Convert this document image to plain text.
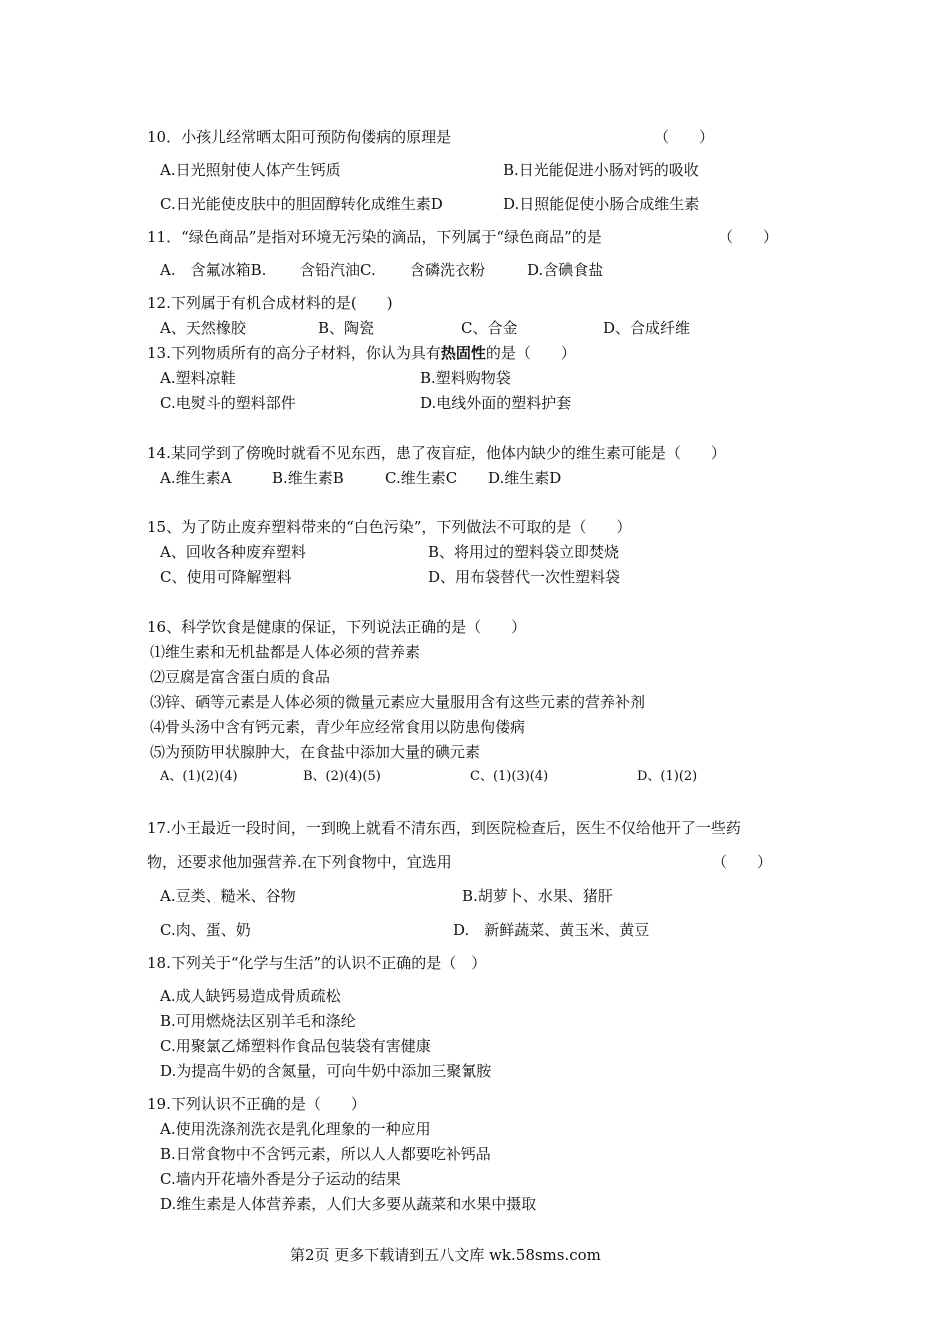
10．小孩儿经常晒太阳可预防佝偻病的原理是	（　　）
A.日光照射使人体产生钙质	B.日光能促进小肠对钙的吸收
C.日光能使皮肤中的胆固醇转化成维生素D	D.日照能促使小肠合成维生素
11．“绿色商品”是指对环境无污染的滴品，下列属于“绿色商品”的是	（　　）
A.　含氟冰箱B. 含铅汽油C. 含磷洗衣粉	D.含碘食盐
12.下列属于有机合成材料的是(　　)
A、天然橡胶	B、陶瓷	C、合金	D、合成纤维
13.下列物质所有的高分子材料，你认为具有热固性的是（　　）
A.塑料凉鞋	B.塑料购物袋
C.电熨斗的塑料部件	D.电线外面的塑料护套
14.某同学到了傍晚时就看不见东西，患了夜盲症，他体内缺少的维生素可能是（　　）
A.维生素A	B.维生素B	C.维生素C D.维生素D
15、为了防止废弃塑料带来的“白色污染”，下列做法不可取的是（　　）
A、回收各种废弃塑料	B、将用过的塑料袋立即焚烧
C、使用可降解塑料	D、用布袋替代一次性塑料袋
16、科学饮食是健康的保证，下列说法正确的是（　　）
⑴维生素和无机盐都是人体必须的营养素
⑵豆腐是富含蛋白质的食品
⑶锌、硒等元素是人体必须的微量元素应大量服用含有这些元素的营养补剂
⑷骨头汤中含有钙元素，青少年应经常食用以防患佝偻病
⑸为预防甲状腺肿大，在食盐中添加大量的碘元素
A、(1)(2)(4)	B、(2)(4)(5)	C、(1)(3)(4)	D、(1)(2)
17.小王最近一段时间，一到晚上就看不清东西，到医院检查后，医生不仅给他开了一些药
物，还要求他加强营养.在下列食物中，宜选用	（　　）
A.豆类、糙米、谷物	B.胡萝卜、水果、猪肝
C.肉、蛋、奶	D.　新鲜蔬菜、黄玉米、黄豆
18.下列关于“化学与生活”的认识不正确的是（　）
A.成人缺钙易造成骨质疏松
B.可用燃烧法区别羊毛和涤纶
C.用聚氯乙烯塑料作食品包装袋有害健康
D.为提高牛奶的含氮量，可向牛奶中添加三聚氰胺
19.下列认识不正确的是（　　）
A.使用洗涤剂洗衣是乳化理象的一种应用
B.日常食物中不含钙元素，所以人人都要吃补钙品
C.墙内开花墙外香是分子运动的结果
D.维生素是人体营养素，人们大多要从蔬菜和水果中摄取
第2页 更多下载请到五八文库 wk.58sms.com
